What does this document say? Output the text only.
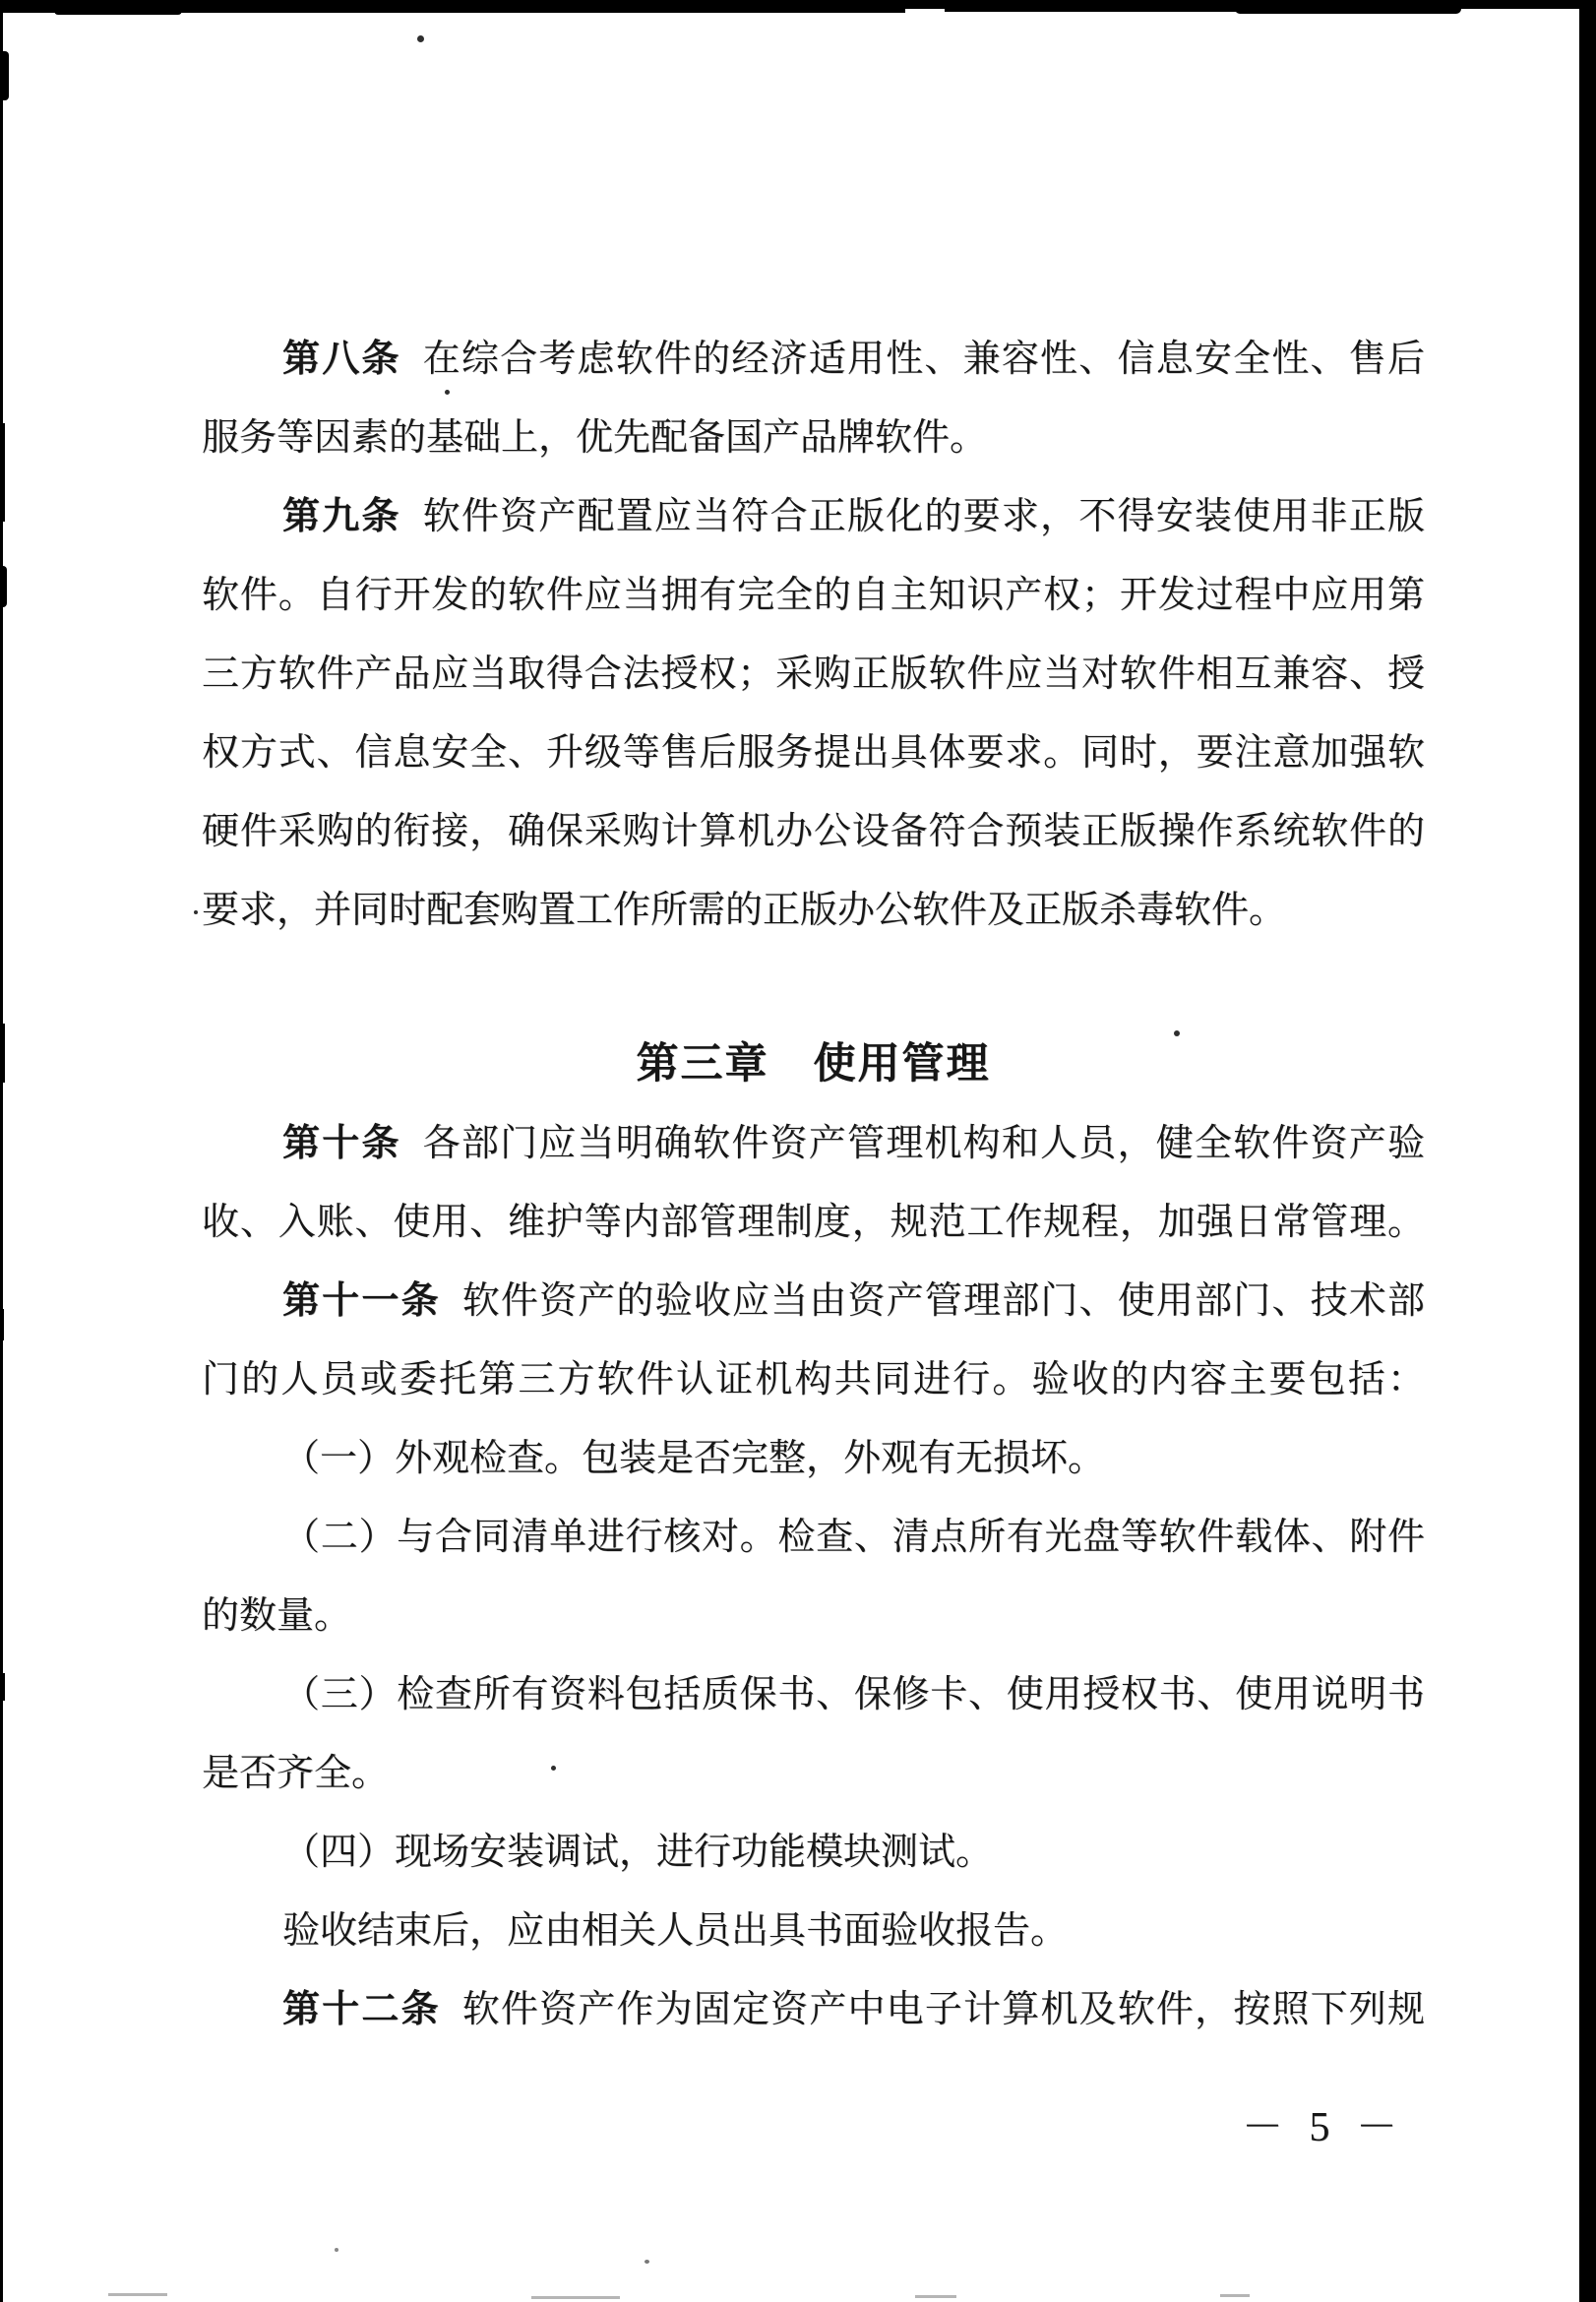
第八条 在综合考虑软件的经济适用性、兼容性、信息安全性、售后
服务等因素的基础上，优先配备国产品牌软件。
第九条 软件资产配置应当符合正版化的要求，不得安装使用非正版
软件。自行开发的软件应当拥有完全的自主知识产权；开发过程中应用第
三方软件产品应当取得合法授权；采购正版软件应当对软件相互兼容、授
权方式、信息安全、升级等售后服务提出具体要求。同时，要注意加强软
硬件采购的衔接，确保采购计算机办公设备符合预装正版操作系统软件的
要求，并同时配套购置工作所需的正版办公软件及正版杀毒软件。
第三章　使用管理
第十条 各部门应当明确软件资产管理机构和人员，健全软件资产验
收、入账、使用、维护等内部管理制度，规范工作规程，加强日常管理。
第十一条 软件资产的验收应当由资产管理部门、使用部门、技术部
门的人员或委托第三方软件认证机构共同进行。验收的内容主要包括：
（一）外观检查。包装是否完整，外观有无损坏。
（二）与合同清单进行核对。检查、清点所有光盘等软件载体、附件
的数量。
（三）检查所有资料包括质保书、保修卡、使用授权书、使用说明书
是否齐全。
（四）现场安装调试，进行功能模块测试。
验收结束后，应由相关人员出具书面验收报告。
第十二条 软件资产作为固定资产中电子计算机及软件，按照下列规
－ 5 －
